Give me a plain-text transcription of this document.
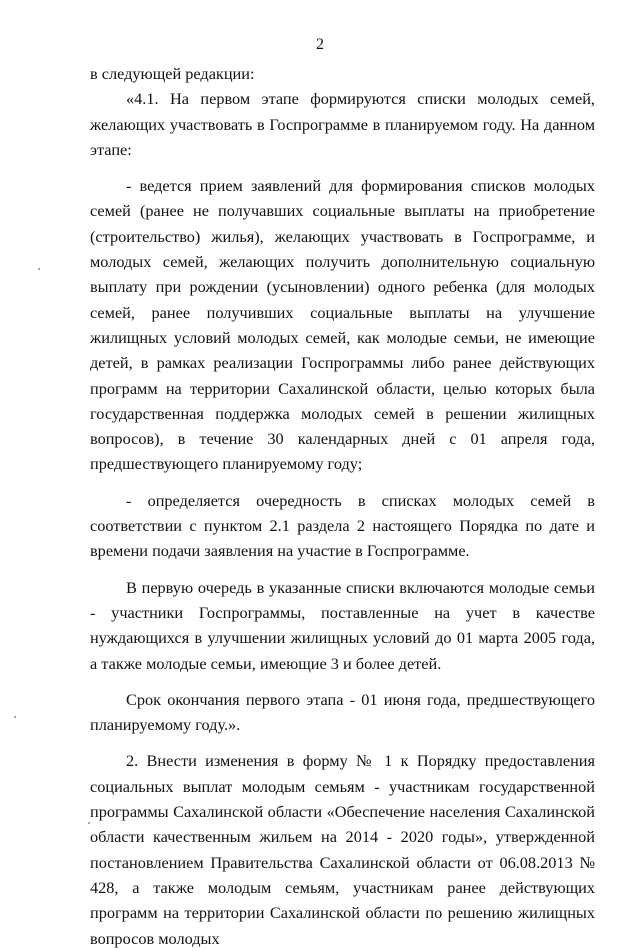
2

в следующей редакции:

«4.1. На первом этапе формируются списки молодых семей, желающих участвовать в Госпрограмме в планируемом году. На данном этапе:

- ведется прием заявлений для формирования списков молодых семей (ранее не получавших социальные выплаты на приобретение (строительство) жилья), желающих участвовать в Госпрограмме, и молодых семей, желающих получить дополнительную социальную выплату при рождении (усыновлении) одного ребенка (для молодых семей, ранее получивших социальные выплаты на улучшение жилищных условий молодых семей, как молодые семьи, не имеющие детей, в рамках реализации Госпрограммы либо ранее действующих программ на территории Сахалинской области, целью которых была государственная поддержка молодых семей в решении жилищных вопросов), в течение 30 календарных дней с 01 апреля года, предшествующего планируемому году;

- определяется очередность в списках молодых семей в соответствии с пунктом 2.1 раздела 2 настоящего Порядка по дате и времени подачи заявления на участие в Госпрограмме.

В первую очередь в указанные списки включаются молодые семьи - участники Госпрограммы, поставленные на учет в качестве нуждающихся в улучшении жилищных условий до 01 марта 2005 года, а также молодые семьи, имеющие 3 и более детей.

Срок окончания первого этапа - 01 июня года, предшествующего планируемому году.».

2. Внести изменения в форму № 1 к Порядку предоставления социальных выплат молодым семьям - участникам государственной программы Сахалинской области «Обеспечение населения Сахалинской области качественным жильем на 2014 - 2020 годы», утвержденной постановлением Правительства Сахалинской области от 06.08.2013 № 428, а также молодым семьям, участникам ранее действующих программ на территории Сахалинской области по решению жилищных вопросов молодых
